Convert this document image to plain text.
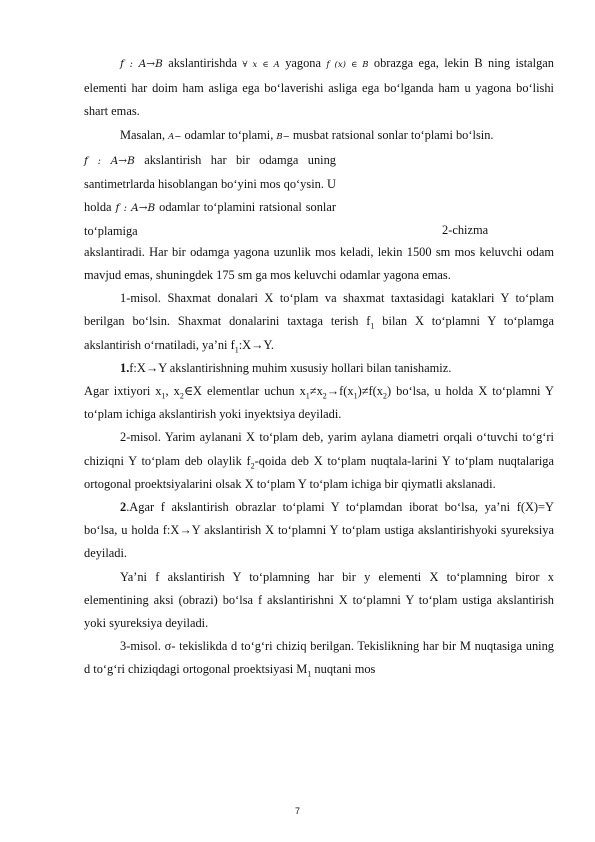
f : A→B akslantirishda ∀ x ∈ A yagona f (x) ∈ B obrazga ega, lekin B ning istalgan elementi har doim ham asliga ega bo‘laverishi asliga ega bo‘lganda ham u yagona bo‘lishi shart emas.

Masalan, A− odamlar to‘plami, B− musbat ratsional sonlar to‘plami bo‘lsin.

f : A→B akslantirish har bir odamga uning santimetrlarda hisoblangan bo‘yini mos qo‘ysin. U holda f : A→B odamlar to‘plamini ratsional sonlar to‘plamiga	2-chizma

akslantiradi. Har bir odamga yagona uzunlik mos keladi, lekin 1500 sm mos keluvchi odam mavjud emas, shuningdek 175 sm ga mos keluvchi odamlar yagona emas.

1-misol. Shaxmat donalari X to‘plam va shaxmat taxtasidagi kataklari Y to‘plam berilgan bo‘lsin. Shaxmat donalarini taxtaga terish $f_1$ bilan X to‘plamni Y to‘plamga akslantirish o‘rnatiladi, ya’ni $f_1:X\to Y$.

1.f:X→Y akslantirishning muhim xususiy hollari bilan tanishamiz.

Agar ixtiyori $x_1$, $x_2\in X$ elementlar uchun $x_1\ne x_2\to f(x_1)\ne f(x_2)$ bo‘lsa, u holda X to‘plamni Y to‘plam ichiga akslantirish yoki inyektsiya deyiladi.

2-misol. Yarim aylanani X to‘plam deb, yarim aylana diametri orqali o‘tuvchi to‘g‘ri chiziqni Y to‘plam deb olaylik $f_2$-qoida deb X to‘plam nuqtala-larini Y to‘plam nuqtalariga ortogonal proektsiyalarini olsak X to‘plam Y to‘plam ichiga bir qiymatli akslanadi.

2.Agar f akslantirish obrazlar to‘plami Y to‘plamdan iborat bo‘lsa, ya’ni f(X)=Y bo‘lsa, u holda f:X→Y akslantirish X to‘plamni Y to‘plam ustiga akslantirishyoki syureksiya deyiladi.

Ya’ni f akslantirish Y to‘plamning har bir y elementi X to‘plamning biror x elementining aksi (obrazi) bo‘lsa f akslantirishni X to‘plamni Y to‘plam ustiga akslantirish yoki syureksiya deyiladi.

3-misol. σ- tekislikda d to‘g‘ri chiziq berilgan. Tekislikning har bir M nuqtasiga uning d to‘g‘ri chiziqdagi ortogonal proektsiyasi $M_1$ nuqtani mos

7
